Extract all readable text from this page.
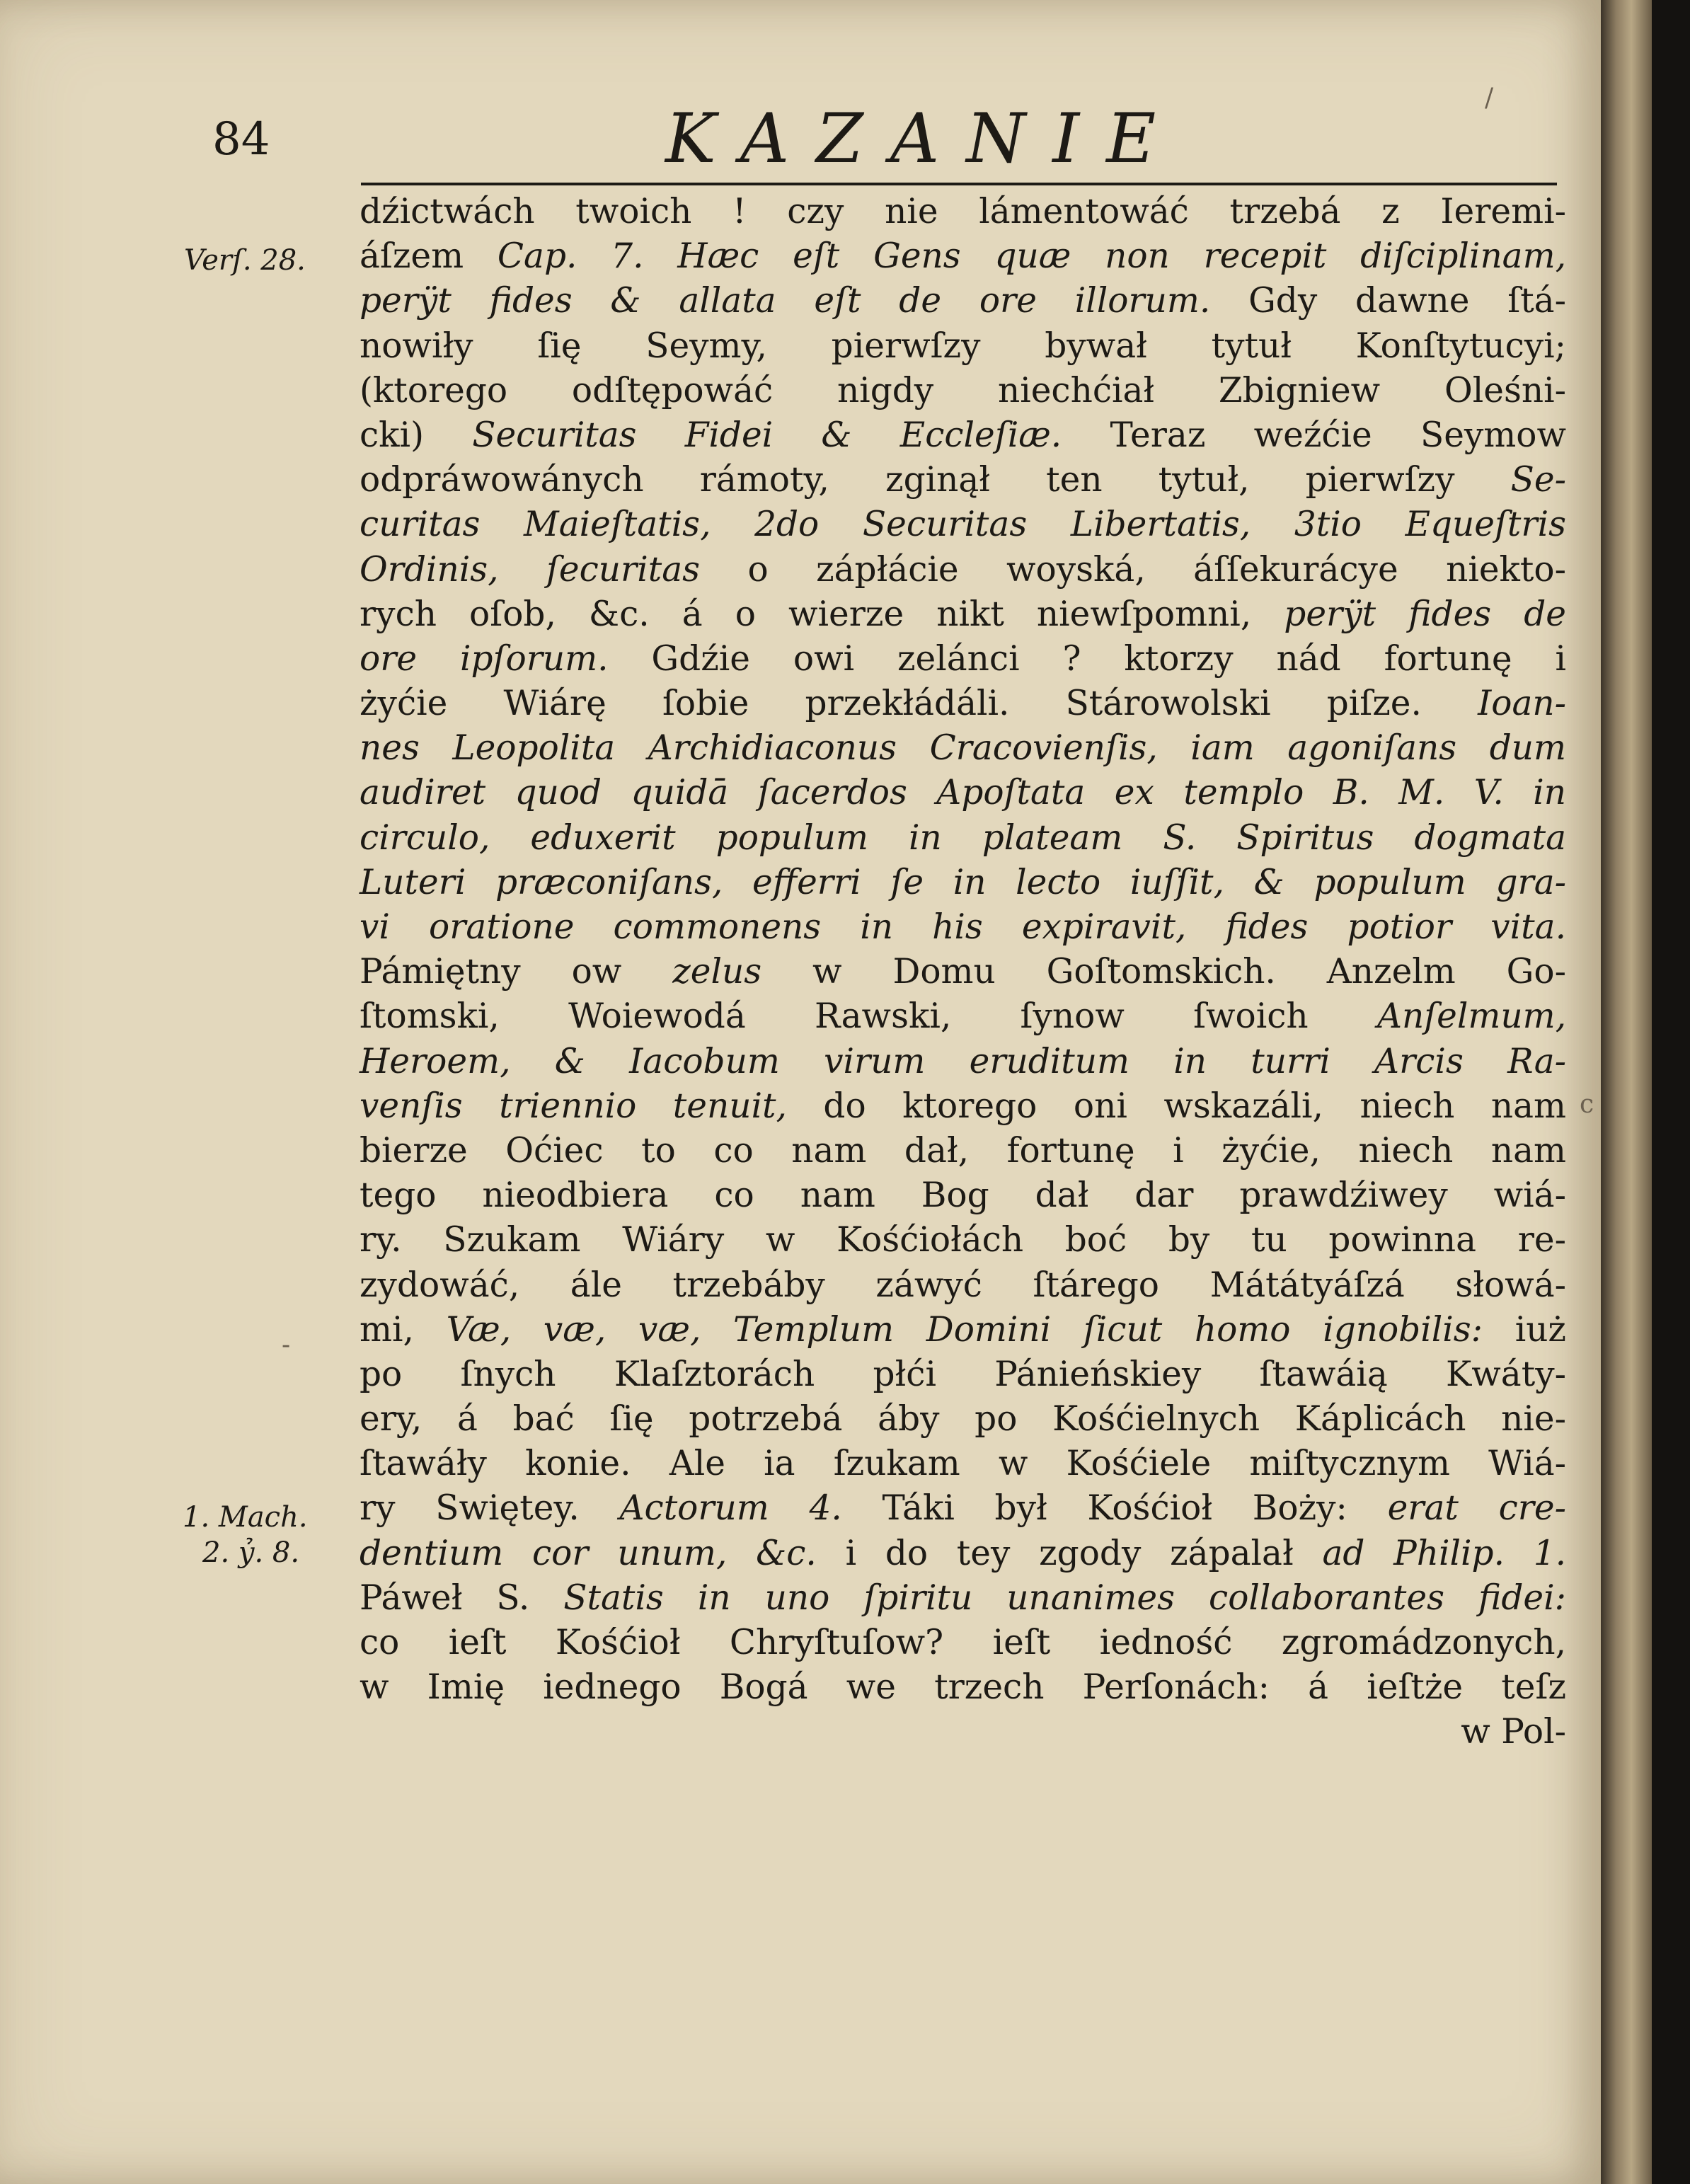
84	KAZANIE
Verſ. 28.
1. Mach.
2. ỷ. 8.
dźictwách twoich ! czy nie lámentowáć trzebá z Ieremi-
áſzem Cap. 7. Hæc eſt Gens quæ non recepit diſciplinam,
perÿt fides & allata eſt de ore illorum. Gdy dawne ſtá-
nowiły ſię Seymy, pierwſzy bywał tytuł Konſtytucyi;
(ktorego odſtępowáć nigdy niechćiał Zbigniew Oleśni-
cki) Securitas Fidei & Eccleſiæ. Teraz weźćie Seymow
odpráwowánych rámoty, zginął ten tytuł, pierwſzy Se-
curitas Maieſtatis, 2do Securitas Libertatis, 3tio Equeſtris
Ordinis, ſecuritas o zápłácie woyská, áſſekurácye niekto-
rych oſob, &c. á o wierze nikt niewſpomni, perÿt fides de
ore ipſorum. Gdźie owi zelánci ? ktorzy nád fortunę i
żyćie Wiárę ſobie przekłádáli. Stárowolski piſze. Ioan-
nes Leopolita Archidiaconus Cracovienſis, iam agoniſans dum
audiret quod quidā ſacerdos Apoſtata ex templo B. M. V. in
circulo, eduxerit populum in plateam S. Spiritus dogmata
Luteri præconiſans, efferri ſe in lecto iuſſit, & populum gra-
vi oratione commonens in his expiravit, fides potior vita.
Pámiętny ow zelus w Domu Goſtomskich. Anzelm Go-
ſtomski, Woiewodá Rawski, ſynow ſwoich Anſelmum,
Heroem, & Iacobum virum eruditum in turri Arcis Ra-
venſis triennio tenuit, do ktorego oni wskazáli, niech nam
bierze Oćiec to co nam dał, fortunę i żyćie, niech nam
tego nieodbiera co nam Bog dał dar prawdźiwey wiá-
ry. Szukam Wiáry w Kośćiołách boć by tu powinna re-
zydowáć, ále trzebáby záwyć ſtárego Mátátyáſzá słowá-
mi, Væ, væ, væ, Templum Domini ſicut homo ignobilis: iuż
po ſnych Klaſztorách płći Pánieńskiey ſtawáią Kwáty-
ery, á bać ſię potrzebá áby po Kośćielnych Káplicách nie-
ſtawáły konie. Ale ia ſzukam w Kośćiele miſtycznym Wiá-
ry Swiętey. Actorum 4. Táki był Kośćioł Boży: erat cre-
dentium cor unum, &c. i do tey zgody zápalał ad Philip. 1.
Páweł S. Statis in uno ſpiritu unanimes collaborantes fidei:
co ieſt Kośćioł Chryſtuſow? ieſt iedność zgromádzonych,
w Imię iednego Bogá we trzech Perſonách: á ieſtże teſz
w Pol-
/
-
c
